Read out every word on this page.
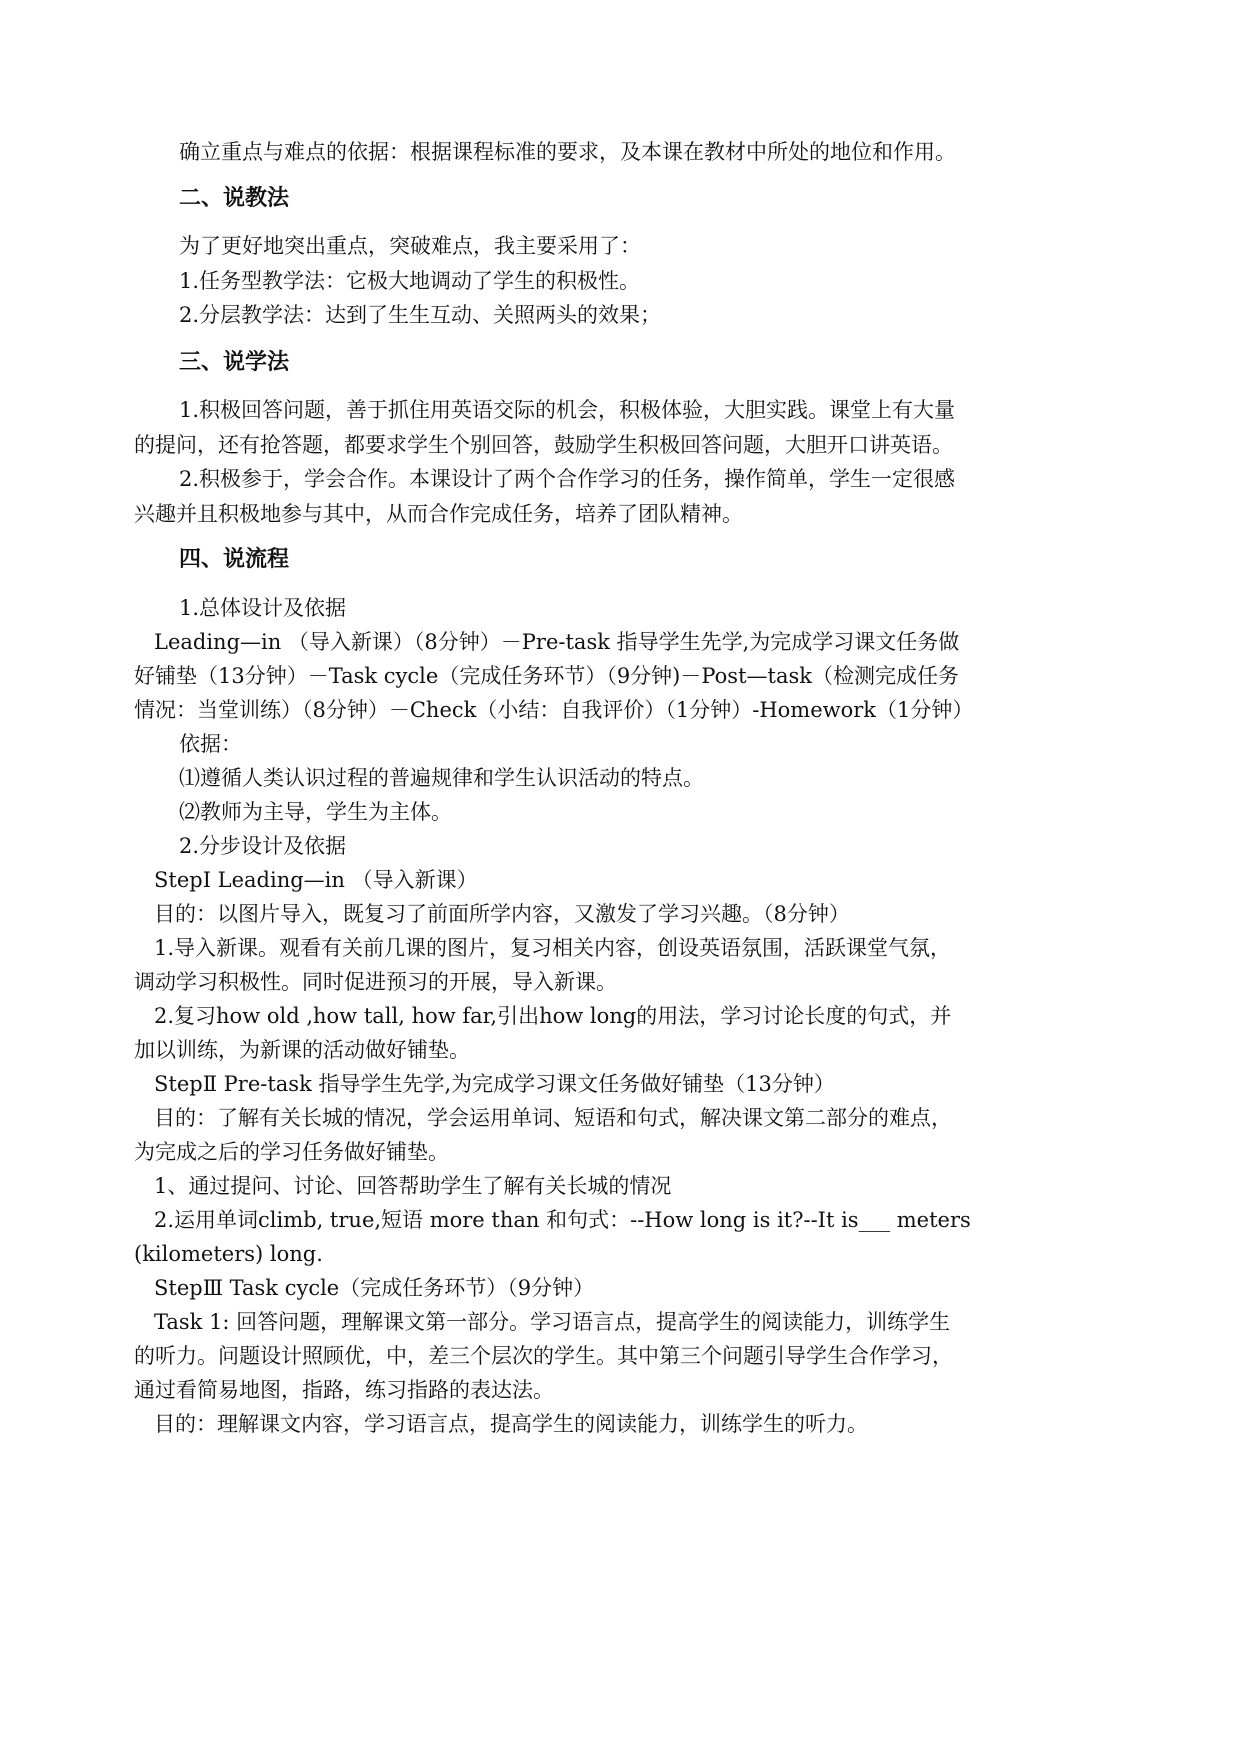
确立重点与难点的依据：根据课程标准的要求，及本课在教材中所处的地位和作用。
二、说教法
为了更好地突出重点，突破难点，我主要采用了：
1.任务型教学法：它极大地调动了学生的积极性。
2.分层教学法：达到了生生互动、关照两头的效果；
三、说学法
1.积极回答问题，善于抓住用英语交际的机会，积极体验，大胆实践。课堂上有大量
的提问，还有抢答题，都要求学生个别回答，鼓励学生积极回答问题，大胆开口讲英语。
2.积极参于，学会合作。本课设计了两个合作学习的任务，操作简单，学生一定很感
兴趣并且积极地参与其中，从而合作完成任务，培养了团队精神。
四、说流程
1.总体设计及依据
Leading—in （导入新课）（8分钟）－Pre-task 指导学生先学,为完成学习课文任务做
好铺垫（13分钟）－Task cycle（完成任务环节）（9分钟)－Post—task（检测完成任务
情况：当堂训练）（8分钟）－Check（小结：自我评价）（1分钟）-Homework（1分钟）
依据：
⑴遵循人类认识过程的普遍规律和学生认识活动的特点。
⑵教师为主导，学生为主体。
2.分步设计及依据
StepⅠ Leading—in （导入新课）
目的：以图片导入，既复习了前面所学内容，又激发了学习兴趣。（8分钟）
1.导入新课。观看有关前几课的图片，复习相关内容，创设英语氛围，活跃课堂气氛，
调动学习积极性。同时促进预习的开展，导入新课。
2.复习how old ,how tall, how far,引出how long的用法，学习讨论长度的句式，并
加以训练，为新课的活动做好铺垫。
StepⅡ Pre-task 指导学生先学,为完成学习课文任务做好铺垫（13分钟）
目的：了解有关长城的情况，学会运用单词、短语和句式，解决课文第二部分的难点，
为完成之后的学习任务做好铺垫。
1、通过提问、讨论、回答帮助学生了解有关长城的情况
2.运用单词climb, true,短语 more than 和句式：--How long is it?--It is___ meters
(kilometers) long.
StepⅢ Task cycle（完成任务环节）（9分钟）
Task 1: 回答问题，理解课文第一部分。学习语言点，提高学生的阅读能力，训练学生
的听力。问题设计照顾优，中，差三个层次的学生。其中第三个问题引导学生合作学习，
通过看简易地图，指路，练习指路的表达法。
目的：理解课文内容，学习语言点，提高学生的阅读能力，训练学生的听力。
